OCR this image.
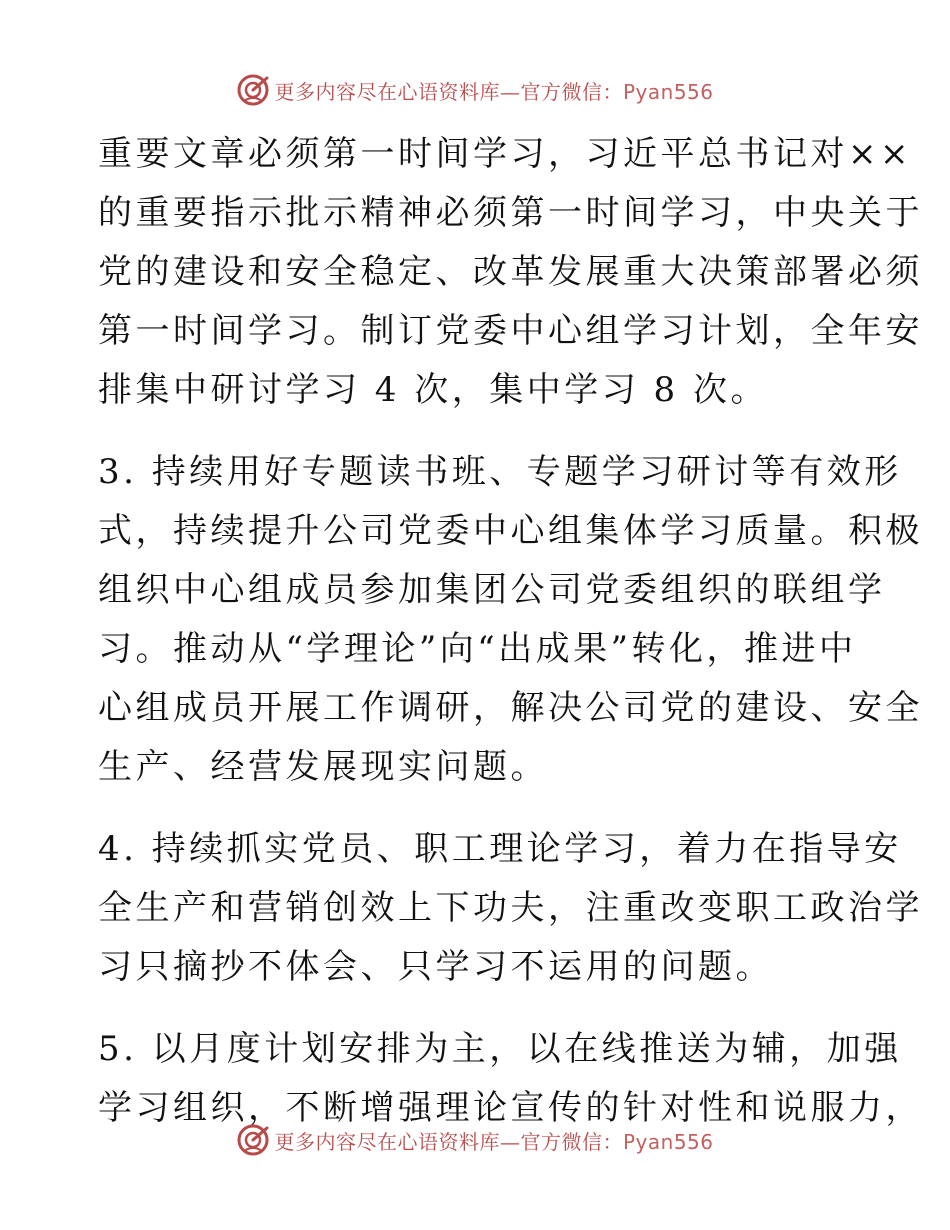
更多内容尽在心语资料库—官方微信：Pyan556
重要文章必须第一时间学习，习近平总书记对××
的重要指示批示精神必须第一时间学习，中央关于
党的建设和安全稳定、改革发展重大决策部署必须
第一时间学习。制订党委中心组学习计划，全年安
排集中研讨学习 4 次，集中学习 8 次。
3. 持续用好专题读书班、专题学习研讨等有效形
式，持续提升公司党委中心组集体学习质量。积极
组织中心组成员参加集团公司党委组织的联组学
习。推动从“学理论”向“出成果”转化，推进中
心组成员开展工作调研，解决公司党的建设、安全
生产、经营发展现实问题。
4. 持续抓实党员、职工理论学习，着力在指导安
全生产和营销创效上下功夫，注重改变职工政治学
习只摘抄不体会、只学习不运用的问题。
5. 以月度计划安排为主，以在线推送为辅，加强
学习组织，不断增强理论宣传的针对性和说服力，
更多内容尽在心语资料库—官方微信：Pyan556
